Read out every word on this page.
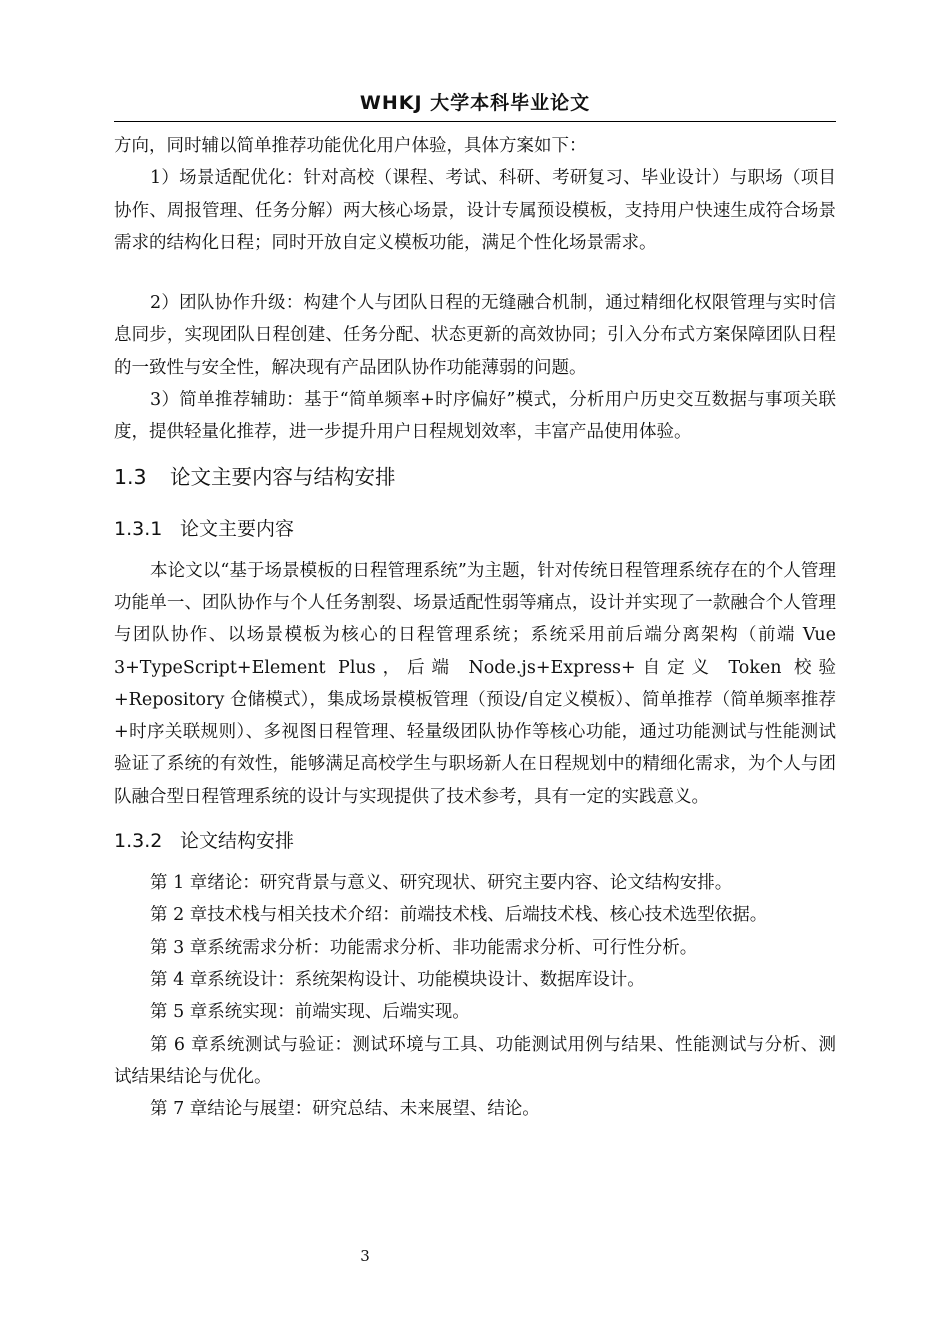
WHKJ 大学本科毕业论文

方向，同时辅以简单推荐功能优化用户体验，具体方案如下：

1）场景适配优化：针对高校（课程、考试、科研、考研复习、毕业设计）与职场（项目协作、周报管理、任务分解）两大核心场景，设计专属预设模板，支持用户快速生成符合场景需求的结构化日程；同时开放自定义模板功能，满足个性化场景需求。

2）团队协作升级：构建个人与团队日程的无缝融合机制，通过精细化权限管理与实时信息同步，实现团队日程创建、任务分配、状态更新的高效协同；引入分布式方案保障团队日程的一致性与安全性，解决现有产品团队协作功能薄弱的问题。

3）简单推荐辅助：基于“简单频率+时序偏好”模式，分析用户历史交互数据与事项关联度，提供轻量化推荐，进一步提升用户日程规划效率，丰富产品使用体验。

1.3 论文主要内容与结构安排
1.3.1 论文主要内容

本论文以“基于场景模板的日程管理系统”为主题，针对传统日程管理系统存在的个人管理功能单一、团队协作与个人任务割裂、场景适配性弱等痛点，设计并实现了一款融合个人管理与团队协作、以场景模板为核心的日程管理系统；系统采用前后端分离架构（前端 Vue 3+TypeScript+Element Plus，后端 Node.js+Express+自定义 Token 校验+Repository 仓储模式），集成场景模板管理（预设/自定义模板）、简单推荐（简单频率推荐+时序关联规则）、多视图日程管理、轻量级团队协作等核心功能，通过功能测试与性能测试验证了系统的有效性，能够满足高校学生与职场新人在日程规划中的精细化需求，为个人与团队融合型日程管理系统的设计与实现提供了技术参考，具有一定的实践意义。

1.3.2 论文结构安排

第 1 章绪论：研究背景与意义、研究现状、研究主要内容、论文结构安排。

第 2 章技术栈与相关技术介绍：前端技术栈、后端技术栈、核心技术选型依据。

第 3 章系统需求分析：功能需求分析、非功能需求分析、可行性分析。

第 4 章系统设计：系统架构设计、功能模块设计、数据库设计。

第 5 章系统实现：前端实现、后端实现。

第 6 章系统测试与验证：测试环境与工具、功能测试用例与结果、性能测试与分析、测试结果结论与优化。

第 7 章结论与展望：研究总结、未来展望、结论。

3
